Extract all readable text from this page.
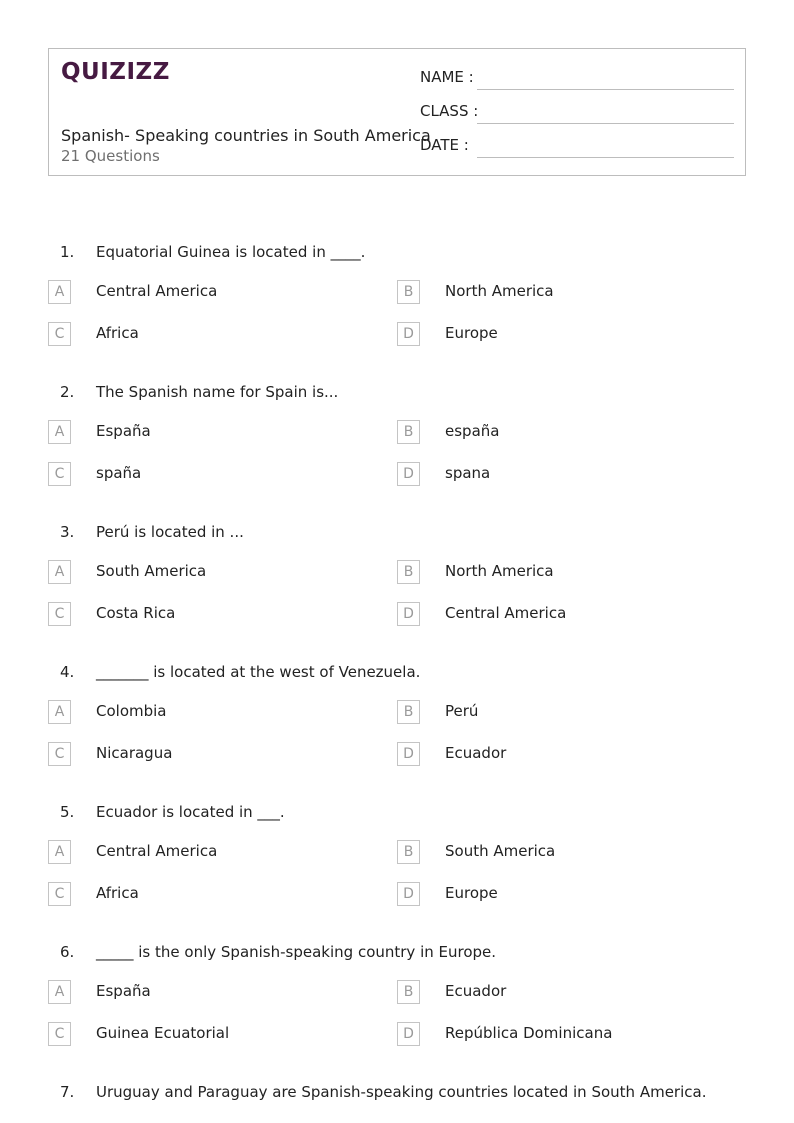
QUIZIZZ
Spanish- Speaking countries in South America
21 Questions
NAME :
CLASS :
DATE :
1. Equatorial Guinea is located in ____.
A	Central America	B	North America
C	Africa	D	Europe
2. The Spanish name for Spain is...
A	España	B	españa
C	spaña	D	spana
3. Perú is located in ...
A	South America	B	North America
C	Costa Rica	D	Central America
4. _______ is located at the west of Venezuela.
A	Colombia	B	Perú
C	Nicaragua	D	Ecuador
5. Ecuador is located in ___.
A	Central America	B	South America
C	Africa	D	Europe
6. _____ is the only Spanish-speaking country in Europe.
A	España	B	Ecuador
C	Guinea Ecuatorial	D	República Dominicana
7. Uruguay and Paraguay are Spanish-speaking countries located in South America.
